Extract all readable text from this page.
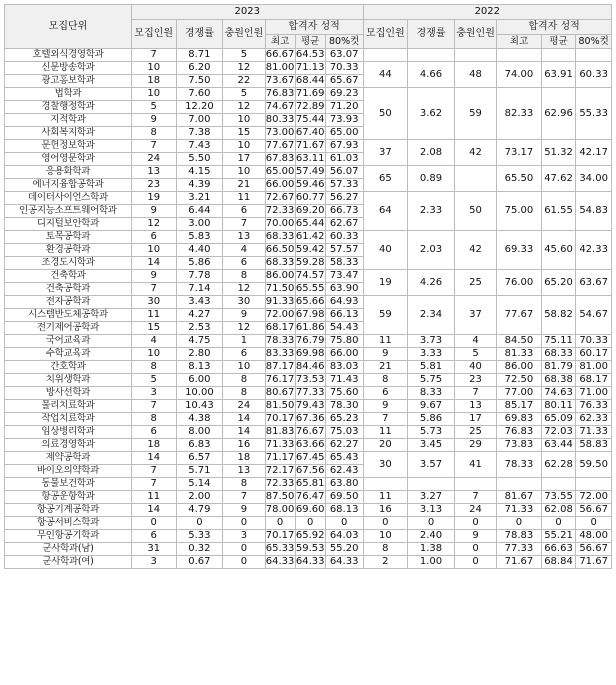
모집단위	2023						2022					
	모집인원	경쟁률	충원인원	합격자 성적			모집인원	경쟁률	충원인원	합격자 성적		
				최고	평균	80%컷				최고	평균	80%컷
호텔외식경영학과	7	8.71	5	66.67	64.53	63.07						
신문방송학과	10	6.20	12	81.00	71.13	70.33	44	4.66	48	74.00	63.91	60.33
광고홍보학과	18	7.50	22	73.67	68.44	65.67						
법학과	10	7.60	5	76.83	71.69	69.23	50	3.62	59	82.33	62.96	55.33
경찰행정학과	5	12.20	12	74.67	72.89	71.20						
지적학과	9	7.00	10	80.33	75.44	73.93						
사회복지학과	8	7.38	15	73.00	67.40	65.00						
문헌정보학과	7	7.43	10	77.67	71.67	67.93	37	2.08	42	73.17	51.32	42.17
영어영문학과	24	5.50	17	67.83	63.11	61.03						
응용화학과	13	4.15	10	65.00	57.49	56.07	65	0.89		65.50	47.62	34.00
에너지융합공학과	23	4.39	21	66.00	59.46	57.33						
데이터사이언스학과	19	3.21	11	72.67	60.77	56.27	64	2.33	50	75.00	61.55	54.83
인공지능소프트웨어학과	9	6.44	6	72.33	69.20	66.73						
디지털보안학과	12	3.00	7	70.00	65.44	62.67						
토목공학과	6	5.83	13	68.33	61.42	60.33	40	2.03	42	69.33	45.60	42.33
환경공학과	10	4.40	4	66.50	59.42	57.57						
조경도시학과	14	5.86	6	68.33	59.28	58.33						
건축학과	9	7.78	8	86.00	74.57	73.47	19	4.26	25	76.00	65.20	63.67
건축공학과	7	7.14	12	71.50	65.55	63.90						
전자공학과	30	3.43	30	91.33	65.66	64.93	59	2.34	37	77.67	58.82	54.67
시스템반도체공학과	11	4.27	9	72.00	67.98	66.13						
전기제어공학과	15	2.53	12	68.17	61.86	54.43						
국어교육과	4	4.75	1	78.33	76.79	75.80	11	3.73	4	84.50	75.11	70.33
수학교육과	10	2.80	6	83.33	69.98	66.00	9	3.33	5	81.33	68.33	60.17
간호학과	8	8.13	10	87.17	84.46	83.03	21	5.81	40	86.00	81.79	81.00
치위생학과	5	6.00	8	76.17	73.53	71.43	8	5.75	23	72.50	68.38	68.17
방사선학과	3	10.00	8	80.67	77.33	75.60	6	8.33	7	77.00	74.63	71.00
물리치료학과	7	10.43	24	81.50	79.43	78.30	9	9.67	13	85.17	80.11	76.33
작업치료학과	8	4.38	14	70.17	67.36	65.23	7	5.86	17	69.83	65.09	62.33
임상병리학과	6	8.00	14	81.83	76.67	75.03	11	5.73	25	76.83	72.03	71.33
의료경영학과	18	6.83	16	71.33	63.66	62.27	20	3.45	29	73.83	63.44	58.83
제약공학과	14	6.57	18	71.17	67.45	65.43	30	3.57	41	78.33	62.28	59.50
바이오의약학과	7	5.71	13	72.17	67.56	62.43						
동물보건학과	7	5.14	8	72.33	65.81	63.80						
항공운항학과	11	2.00	7	87.50	76.47	69.50	11	3.27	7	81.67	73.55	72.00
항공기계공학과	14	4.79	9	78.00	69.60	68.13	16	3.13	24	71.33	62.08	56.67
항공서비스학과	0	0	0	0	0	0	0	0	0	0	0	0
무인항공기학과	6	5.33	3	70.17	65.92	64.03	10	2.40	9	78.83	55.21	48.00
군사학과(남)	31	0.32	0	65.33	59.53	55.20	8	1.38	0	77.33	66.63	56.67
군사학과(여)	3	0.67	0	64.33	64.33	64.33	2	1.00	0	71.67	68.84	71.67
